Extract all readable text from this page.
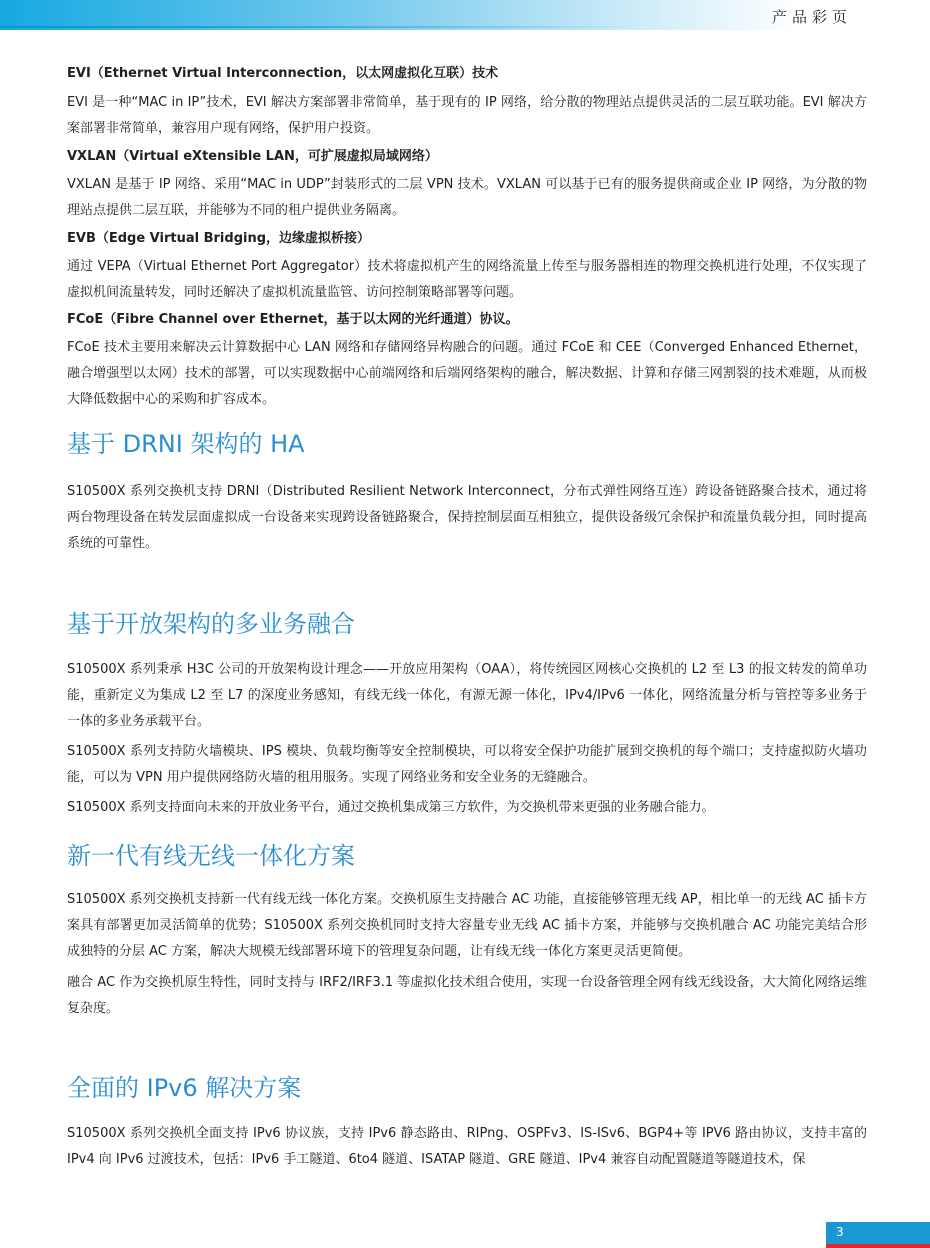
产品彩页
EVI（Ethernet Virtual Interconnection，以太网虚拟化互联）技术
EVI 是一种“MAC in IP”技术，EVI 解决方案部署非常简单，基于现有的 IP 网络，给分散的物理站点提供灵活的二层互联功能。EVI 解决方案部署非常简单，兼容用户现有网络，保护用户投资。
VXLAN（Virtual eXtensible LAN，可扩展虚拟局域网络）
VXLAN 是基于 IP 网络、采用“MAC in UDP”封装形式的二层 VPN 技术。VXLAN 可以基于已有的服务提供商或企业 IP 网络，为分散的物理站点提供二层互联，并能够为不同的租户提供业务隔离。
EVB（Edge Virtual Bridging，边缘虚拟桥接）
通过 VEPA（Virtual Ethernet Port Aggregator）技术将虚拟机产生的网络流量上传至与服务器相连的物理交换机进行处理，不仅实现了虚拟机间流量转发，同时还解决了虚拟机流量监管、访问控制策略部署等问题。
FCoE（Fibre Channel over Ethernet，基于以太网的光纤通道）协议。
FCoE 技术主要用来解决云计算数据中心 LAN 网络和存储网络异构融合的问题。通过 FCoE 和 CEE（Converged Enhanced Ethernet，融合增强型以太网）技术的部署，可以实现数据中心前端网络和后端网络架构的融合，解决数据、计算和存储三网割裂的技术难题，从而极大降低数据中心的采购和扩容成本。
基于 DRNI 架构的 HA
S10500X 系列交换机支持 DRNI（Distributed Resilient Network Interconnect，分布式弹性网络互连）跨设备链路聚合技术，通过将两台物理设备在转发层面虚拟成一台设备来实现跨设备链路聚合，保持控制层面互相独立，提供设备级冗余保护和流量负载分担，同时提高系统的可靠性。
基于开放架构的多业务融合
S10500X 系列秉承 H3C 公司的开放架构设计理念——开放应用架构（OAA），将传统园区网核心交换机的 L2 至 L3 的报文转发的简单功能，重新定义为集成 L2 至 L7 的深度业务感知，有线无线一体化，有源无源一体化，IPv4/IPv6 一体化，网络流量分析与管控等多业务于一体的多业务承载平台。
S10500X 系列支持防火墙模块、IPS 模块、负载均衡等安全控制模块，可以将安全保护功能扩展到交换机的每个端口；支持虚拟防火墙功能，可以为 VPN 用户提供网络防火墙的租用服务。实现了网络业务和安全业务的无缝融合。
S10500X 系列支持面向未来的开放业务平台，通过交换机集成第三方软件，为交换机带来更强的业务融合能力。
新一代有线无线一体化方案
S10500X 系列交换机支持新一代有线无线一体化方案。交换机原生支持融合 AC 功能，直接能够管理无线 AP，相比单一的无线 AC 插卡方案具有部署更加灵活简单的优势；S10500X 系列交换机同时支持大容量专业无线 AC 插卡方案，并能够与交换机融合 AC 功能完美结合形成独特的分层 AC 方案，解决大规模无线部署环境下的管理复杂问题，让有线无线一体化方案更灵活更简便。
融合 AC 作为交换机原生特性，同时支持与 IRF2/IRF3.1 等虚拟化技术组合使用，实现一台设备管理全网有线无线设备，大大简化网络运维复杂度。
全面的 IPv6 解决方案
S10500X 系列交换机全面支持 IPv6 协议族，支持 IPv6 静态路由、RIPng、OSPFv3、IS-ISv6、BGP4+等 IPV6 路由协议，支持丰富的 IPv4 向 IPv6 过渡技术，包括：IPv6 手工隧道、6to4 隧道、ISATAP 隧道、GRE 隧道、IPv4 兼容自动配置隧道等隧道技术，保
3
